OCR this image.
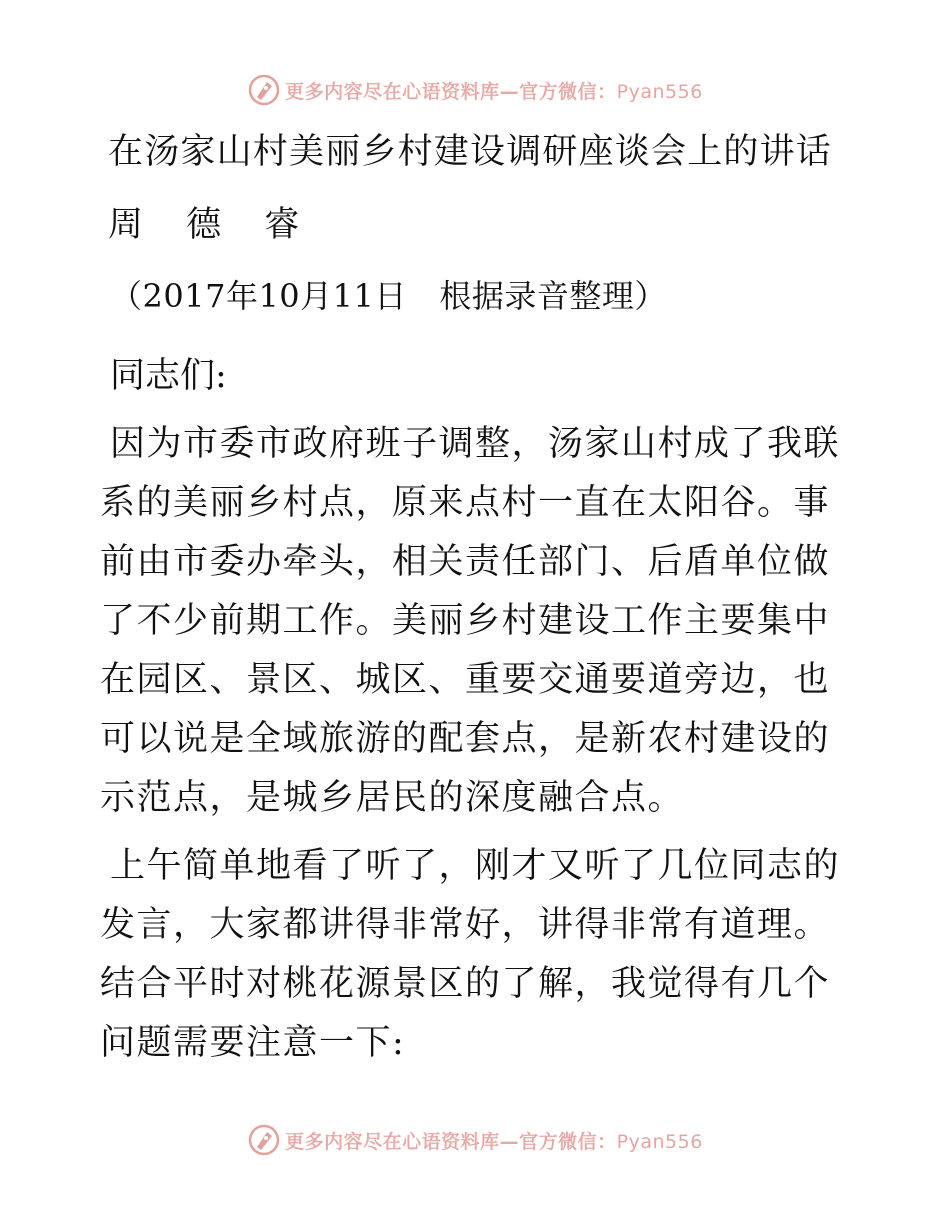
更多内容尽在心语资料库—官方微信：Pyan556
在汤家山村美丽乡村建设调研座谈会上的讲话
周 德 睿
（2017年10月11日　根据录音整理）
同志们:

因为市委市政府班子调整，汤家山村成了我联系的美丽乡村点，原来点村一直在太阳谷。事前由市委办牵头，相关责任部门、后盾单位做了不少前期工作。美丽乡村建设工作主要集中在园区、景区、城区、重要交通要道旁边，也可以说是全域旅游的配套点，是新农村建设的示范点，是城乡居民的深度融合点。

上午简单地看了听了，刚才又听了几位同志的发言，大家都讲得非常好，讲得非常有道理。结合平时对桃花源景区的了解，我觉得有几个问题需要注意一下:

更多内容尽在心语资料库—官方微信：Pyan556
